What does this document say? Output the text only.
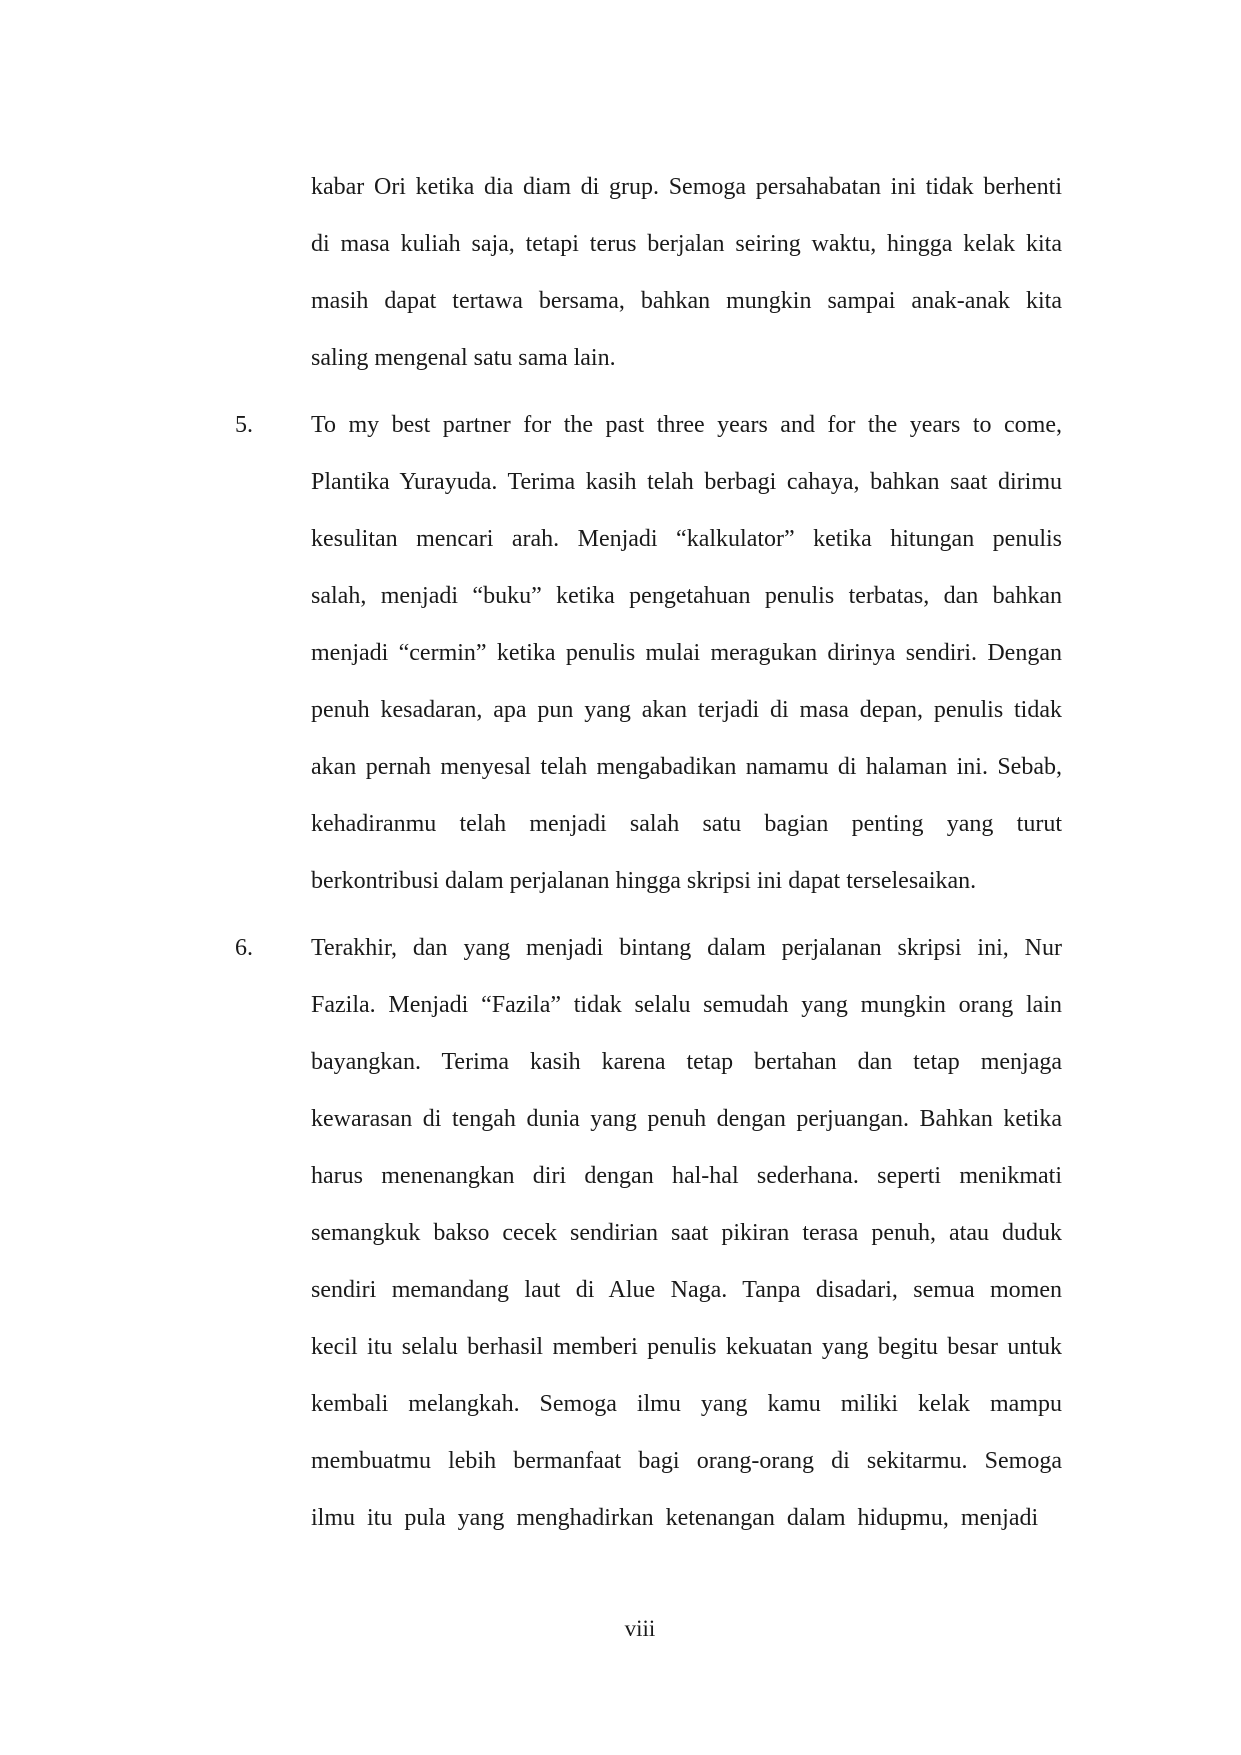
kabar Ori ketika dia diam di grup. Semoga persahabatan ini tidak berhenti
di masa kuliah saja, tetapi terus berjalan seiring waktu, hingga kelak kita
masih dapat tertawa bersama, bahkan mungkin sampai anak-anak kita
saling mengenal satu sama lain.
5. To my best partner for the past three years and for the years to come,
Plantika Yurayuda. Terima kasih telah berbagi cahaya, bahkan saat dirimu
kesulitan mencari arah. Menjadi “kalkulator” ketika hitungan penulis
salah, menjadi “buku” ketika pengetahuan penulis terbatas, dan bahkan
menjadi “cermin” ketika penulis mulai meragukan dirinya sendiri. Dengan
penuh kesadaran, apa pun yang akan terjadi di masa depan, penulis tidak
akan pernah menyesal telah mengabadikan namamu di halaman ini. Sebab,
kehadiranmu telah menjadi salah satu bagian penting yang turut
berkontribusi dalam perjalanan hingga skripsi ini dapat terselesaikan.
6. Terakhir, dan yang menjadi bintang dalam perjalanan skripsi ini, Nur
Fazila. Menjadi “Fazila” tidak selalu semudah yang mungkin orang lain
bayangkan. Terima kasih karena tetap bertahan dan tetap menjaga
kewarasan di tengah dunia yang penuh dengan perjuangan. Bahkan ketika
harus menenangkan diri dengan hal-hal sederhana. seperti menikmati
semangkuk bakso cecek sendirian saat pikiran terasa penuh, atau duduk
sendiri memandang laut di Alue Naga. Tanpa disadari, semua momen
kecil itu selalu berhasil memberi penulis kekuatan yang begitu besar untuk
kembali melangkah. Semoga ilmu yang kamu miliki kelak mampu
membuatmu lebih bermanfaat bagi orang-orang di sekitarmu. Semoga
ilmu itu pula yang menghadirkan ketenangan dalam hidupmu, menjadi
viii
